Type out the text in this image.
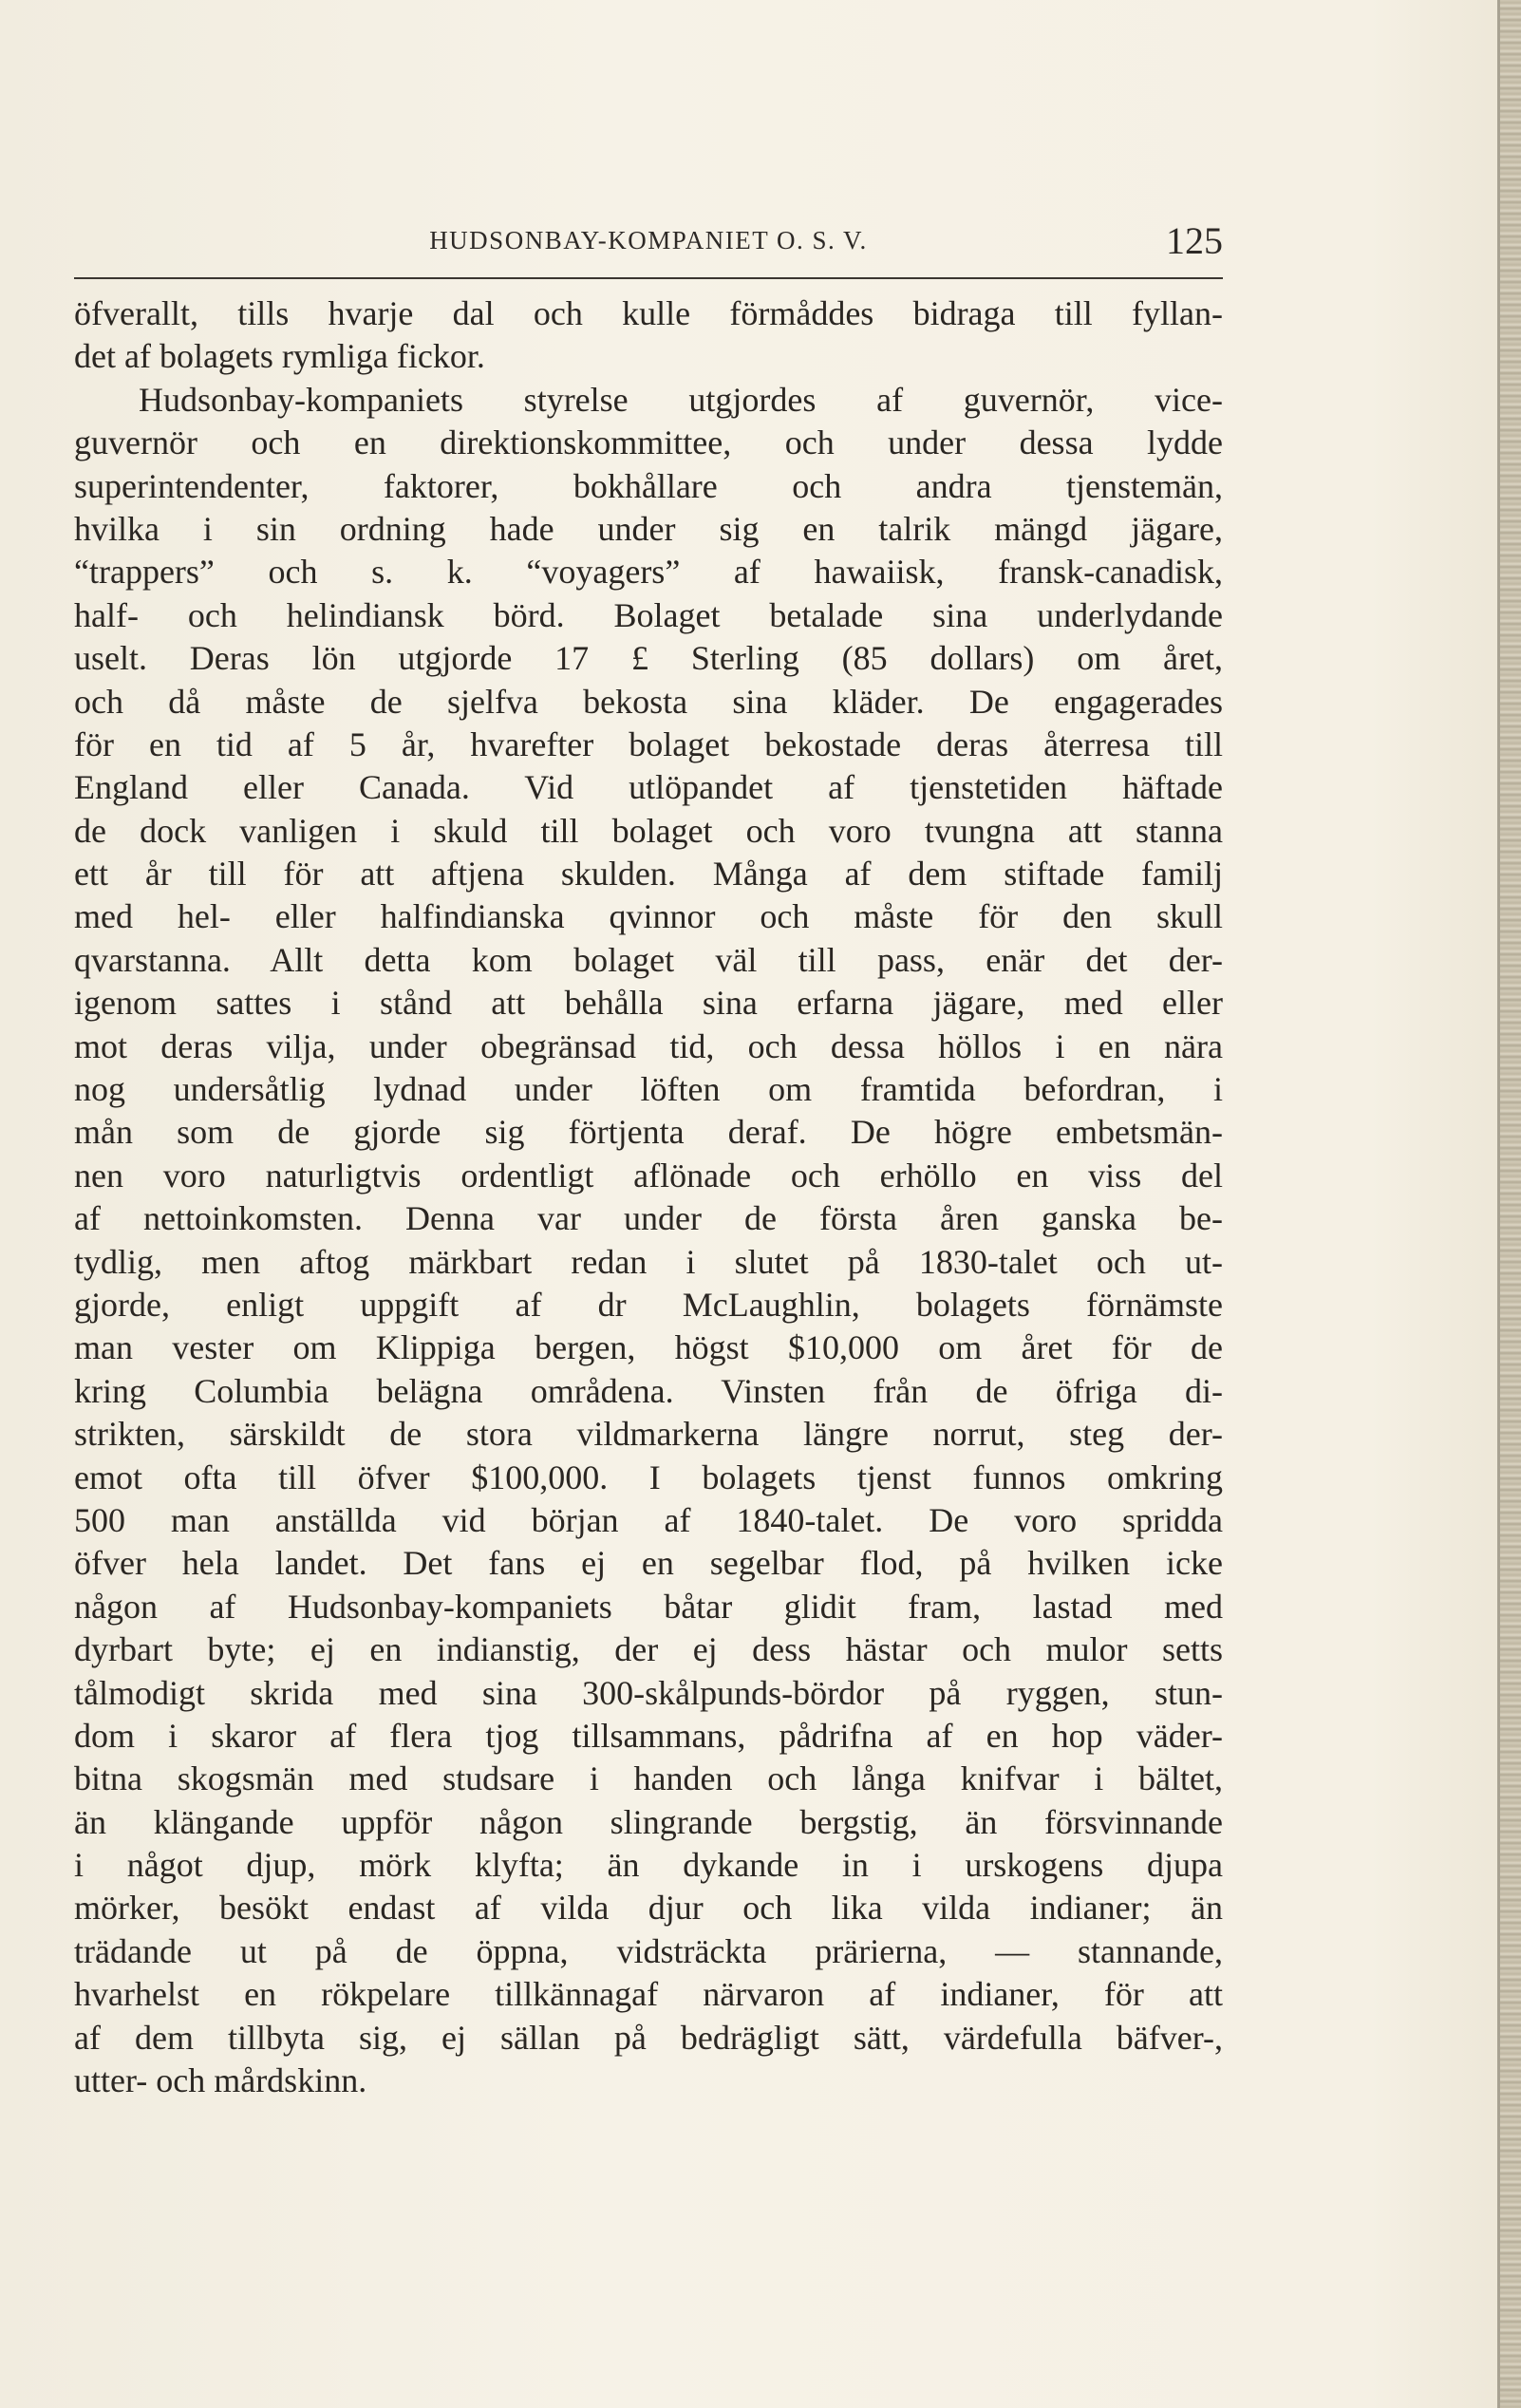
HUDSONBAY-KOMPANIET O. S. V.	125
öfverallt, tills hvarje dal och kulle förmåddes bidraga till fyllan-
det af bolagets rymliga fickor.
Hudsonbay-kompaniets styrelse utgjordes af guvernör, vice-
guvernör och en direktionskommittee, och under dessa lydde
superintendenter, faktorer, bokhållare och andra tjenstemän,
hvilka i sin ordning hade under sig en talrik mängd jägare,
“trappers” och s. k. “voyagers” af hawaiisk, fransk-canadisk,
half- och helindiansk börd. Bolaget betalade sina underlydande
uselt. Deras lön utgjorde 17 £ Sterling (85 dollars) om året,
och då måste de sjelfva bekosta sina kläder. De engagerades
för en tid af 5 år, hvarefter bolaget bekostade deras återresa till
England eller Canada. Vid utlöpandet af tjenstetiden häftade
de dock vanligen i skuld till bolaget och voro tvungna att stanna
ett år till för att aftjena skulden. Många af dem stiftade familj
med hel- eller halfindianska qvinnor och måste för den skull
qvarstanna. Allt detta kom bolaget väl till pass, enär det der-
igenom sattes i stånd att behålla sina erfarna jägare, med eller
mot deras vilja, under obegränsad tid, och dessa höllos i en nära
nog undersåtlig lydnad under löften om framtida befordran, i
mån som de gjorde sig förtjenta deraf. De högre embetsmän-
nen voro naturligtvis ordentligt aflönade och erhöllo en viss del
af nettoinkomsten. Denna var under de första åren ganska be-
tydlig, men aftog märkbart redan i slutet på 1830-talet och ut-
gjorde, enligt uppgift af dr McLaughlin, bolagets förnämste
man vester om Klippiga bergen, högst $10,000 om året för de
kring Columbia belägna områdena. Vinsten från de öfriga di-
strikten, särskildt de stora vildmarkerna längre norrut, steg der-
emot ofta till öfver $100,000. I bolagets tjenst funnos omkring
500 man anställda vid början af 1840-talet. De voro spridda
öfver hela landet. Det fans ej en segelbar flod, på hvilken icke
någon af Hudsonbay-kompaniets båtar glidit fram, lastad med
dyrbart byte; ej en indianstig, der ej dess hästar och mulor setts
tålmodigt skrida med sina 300-skålpunds-bördor på ryggen, stun-
dom i skaror af flera tjog tillsammans, pådrifna af en hop väder-
bitna skogsmän med studsare i handen och långa knifvar i bältet,
än klängande uppför någon slingrande bergstig, än försvinnande
i något djup, mörk klyfta; än dykande in i urskogens djupa
mörker, besökt endast af vilda djur och lika vilda indianer; än
trädande ut på de öppna, vidsträckta prärierna, — stannande,
hvarhelst en rökpelare tillkännagaf närvaron af indianer, för att
af dem tillbyta sig, ej sällan på bedrägligt sätt, värdefulla bäfver-,
utter- och mårdskinn.
